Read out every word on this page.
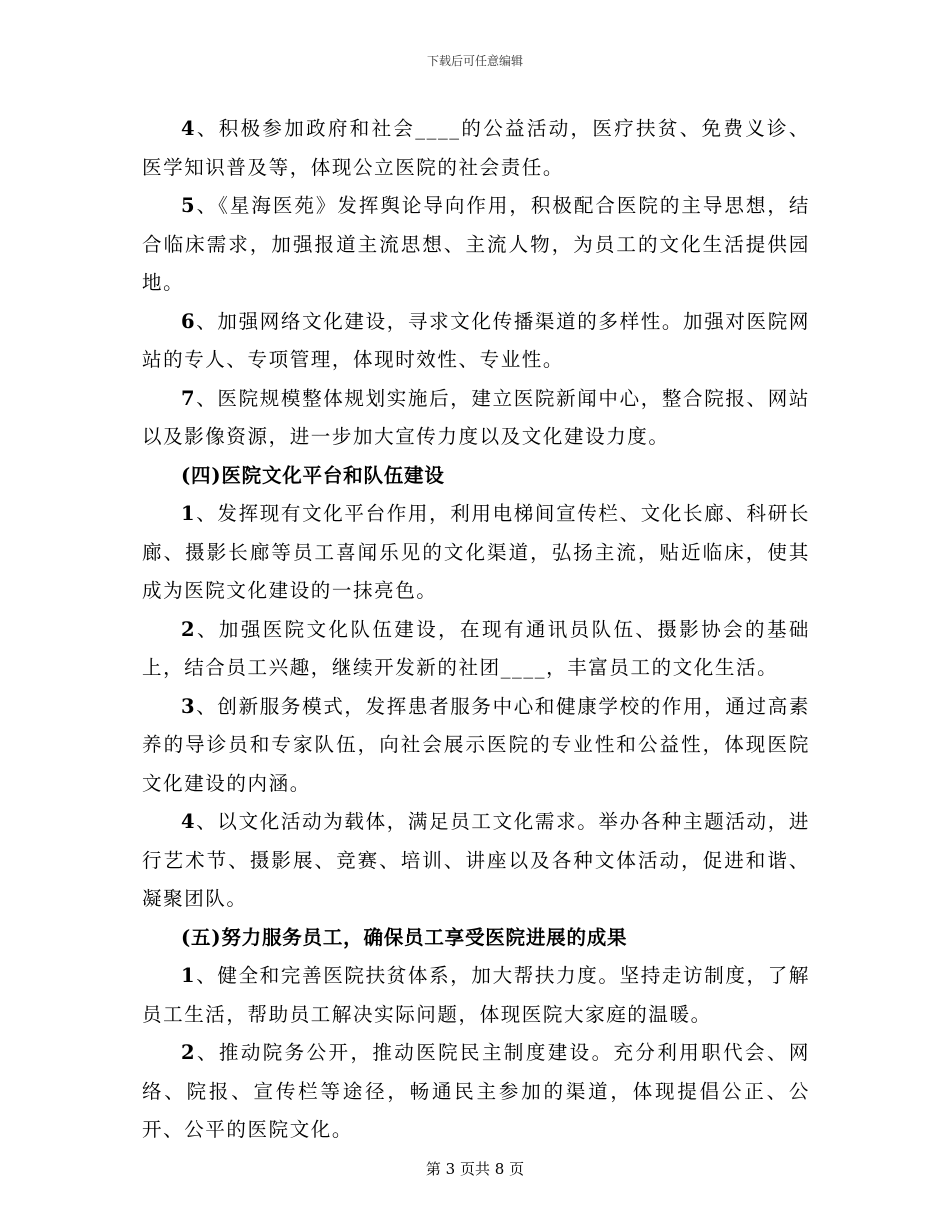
下载后可任意编辑

4、积极参加政府和社会____的公益活动，医疗扶贫、免费义诊、医学知识普及等，体现公立医院的社会责任。

5、《星海医苑》发挥舆论导向作用，积极配合医院的主导思想，结合临床需求，加强报道主流思想、主流人物，为员工的文化生活提供园地。

6、加强网络文化建设，寻求文化传播渠道的多样性。加强对医院网站的专人、专项管理，体现时效性、专业性。

7、医院规模整体规划实施后，建立医院新闻中心，整合院报、网站以及影像资源，进一步加大宣传力度以及文化建设力度。

(四)医院文化平台和队伍建设

1、发挥现有文化平台作用，利用电梯间宣传栏、文化长廊、科研长廊、摄影长廊等员工喜闻乐见的文化渠道，弘扬主流，贴近临床，使其成为医院文化建设的一抹亮色。

2、加强医院文化队伍建设，在现有通讯员队伍、摄影协会的基础上，结合员工兴趣，继续开发新的社团____，丰富员工的文化生活。

3、创新服务模式，发挥患者服务中心和健康学校的作用，通过高素养的导诊员和专家队伍，向社会展示医院的专业性和公益性，体现医院文化建设的内涵。

4、以文化活动为载体，满足员工文化需求。举办各种主题活动，进行艺术节、摄影展、竞赛、培训、讲座以及各种文体活动，促进和谐、凝聚团队。

(五)努力服务员工，确保员工享受医院进展的成果

1、健全和完善医院扶贫体系，加大帮扶力度。坚持走访制度，了解员工生活，帮助员工解决实际问题，体现医院大家庭的温暖。

2、推动院务公开，推动医院民主制度建设。充分利用职代会、网络、院报、宣传栏等途径，畅通民主参加的渠道，体现提倡公正、公开、公平的医院文化。

第 3 页共 8 页
